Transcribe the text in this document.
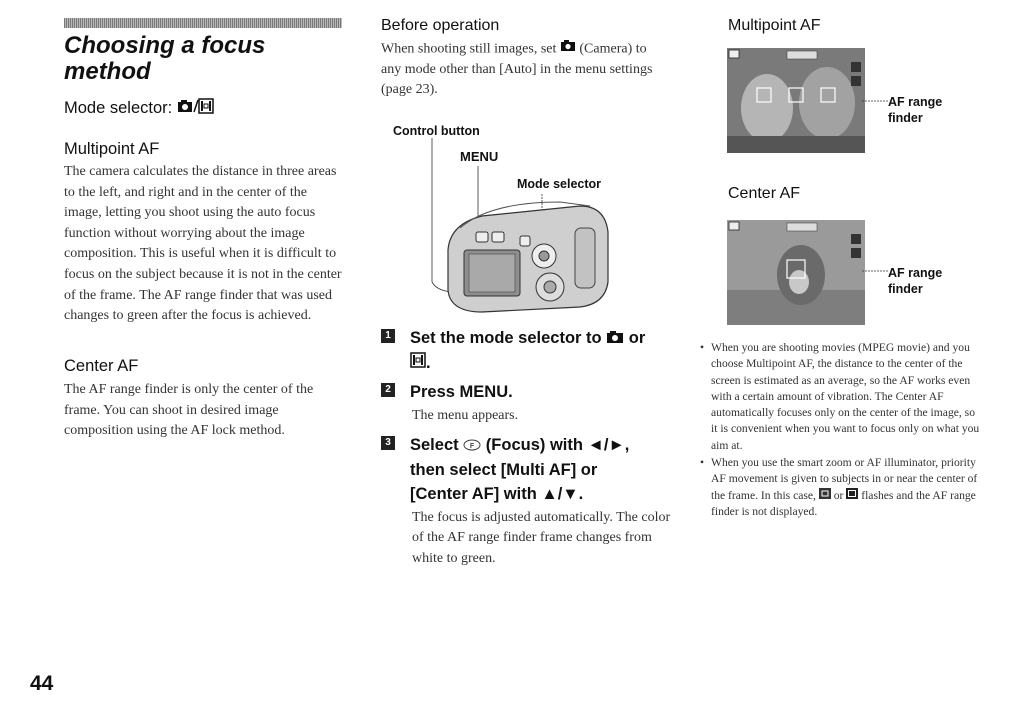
Choosing a focus method
Mode selector:
Multipoint AF
The camera calculates the distance in three areas to the left, and right and in the center of the image, letting you shoot using the auto focus function without worrying about the image composition. This is useful when it is difficult to focus on the subject because it is not in the center of the frame. The AF range finder that was used changes to green after the focus is achieved.
Center AF
The AF range finder is only the center of the frame. You can shoot in desired image composition using the AF lock method.
44
Before operation
When shooting still images, set  (Camera) to any mode other than [Auto] in the menu settings (page 23).
Control button
MENU
Mode selector
1 Set the mode selector to  or
.
2 Press MENU.
The menu appears.
3 Select F (Focus) with ◄/►,
then select [Multi AF] or
[Center AF] with ▲/▼.
The focus is adjusted automatically. The color of the AF range finder frame changes from white to green.
Multipoint AF
AF range
finder
Center AF
AF range
finder
• When you are shooting movies (MPEG movie) and you choose Multipoint AF, the distance to the center of the screen is estimated as an average, so the AF works even with a certain amount of vibration. The Center AF automatically focuses only on the center of the image, so it is convenient when you want to focus only on what you aim at.
• When you use the smart zoom or AF illuminator, priority AF movement is given to subjects in or near the center of the frame. In this case,  or  flashes and the AF range finder is not displayed.
